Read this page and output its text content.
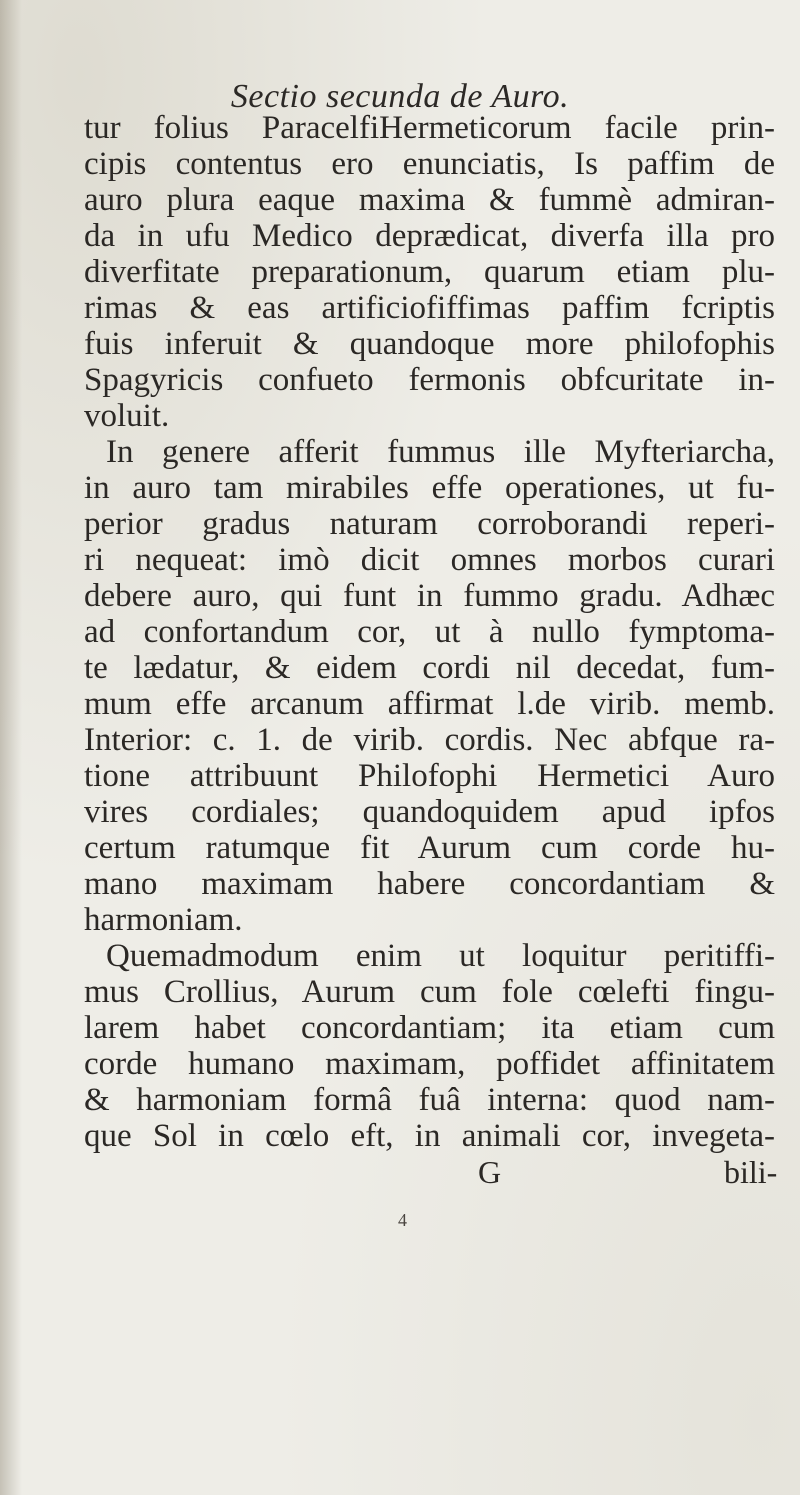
Sectio secunda de Auro.
tur folius ParacelfiHermeticorum facile prin-
cipis contentus ero enunciatis, Is paffim de
auro plura eaque maxima & fummè admiran-
da in ufu Medico deprædicat, diverfa illa pro
diverfitate preparationum, quarum etiam plu-
rimas & eas artificiofiffimas paffim fcriptis
fuis inferuit & quandoque more philofophis
Spagyricis confueto fermonis obfcuritate in-
voluit.
In genere afferit fummus ille Myfteriarcha,
in auro tam mirabiles effe operationes, ut fu-
perior gradus naturam corroborandi reperi-
ri nequeat: imò dicit omnes morbos curari
debere auro, qui funt in fummo gradu. Adhæc
ad confortandum cor, ut à nullo fymptoma-
te lædatur, & eidem cordi nil decedat, fum-
mum effe arcanum affirmat l.de virib. memb.
Interior: c. 1. de virib. cordis. Nec abfque ra-
tione attribuunt Philofophi Hermetici Auro
vires cordiales; quandoquidem apud ipfos
certum ratumque fit Aurum cum corde hu-
mano maximam habere concordantiam &
harmoniam.
Quemadmodum enim ut loquitur peritiffi-
mus Crollius, Aurum cum fole cœlefti fingu-
larem habet concordantiam; ita etiam cum
corde humano maximam, poffidet affinitatem
& harmoniam formâ fuâ interna: quod nam-
que Sol in cœlo eft, in animali cor, invegeta-
G	bili-
4
